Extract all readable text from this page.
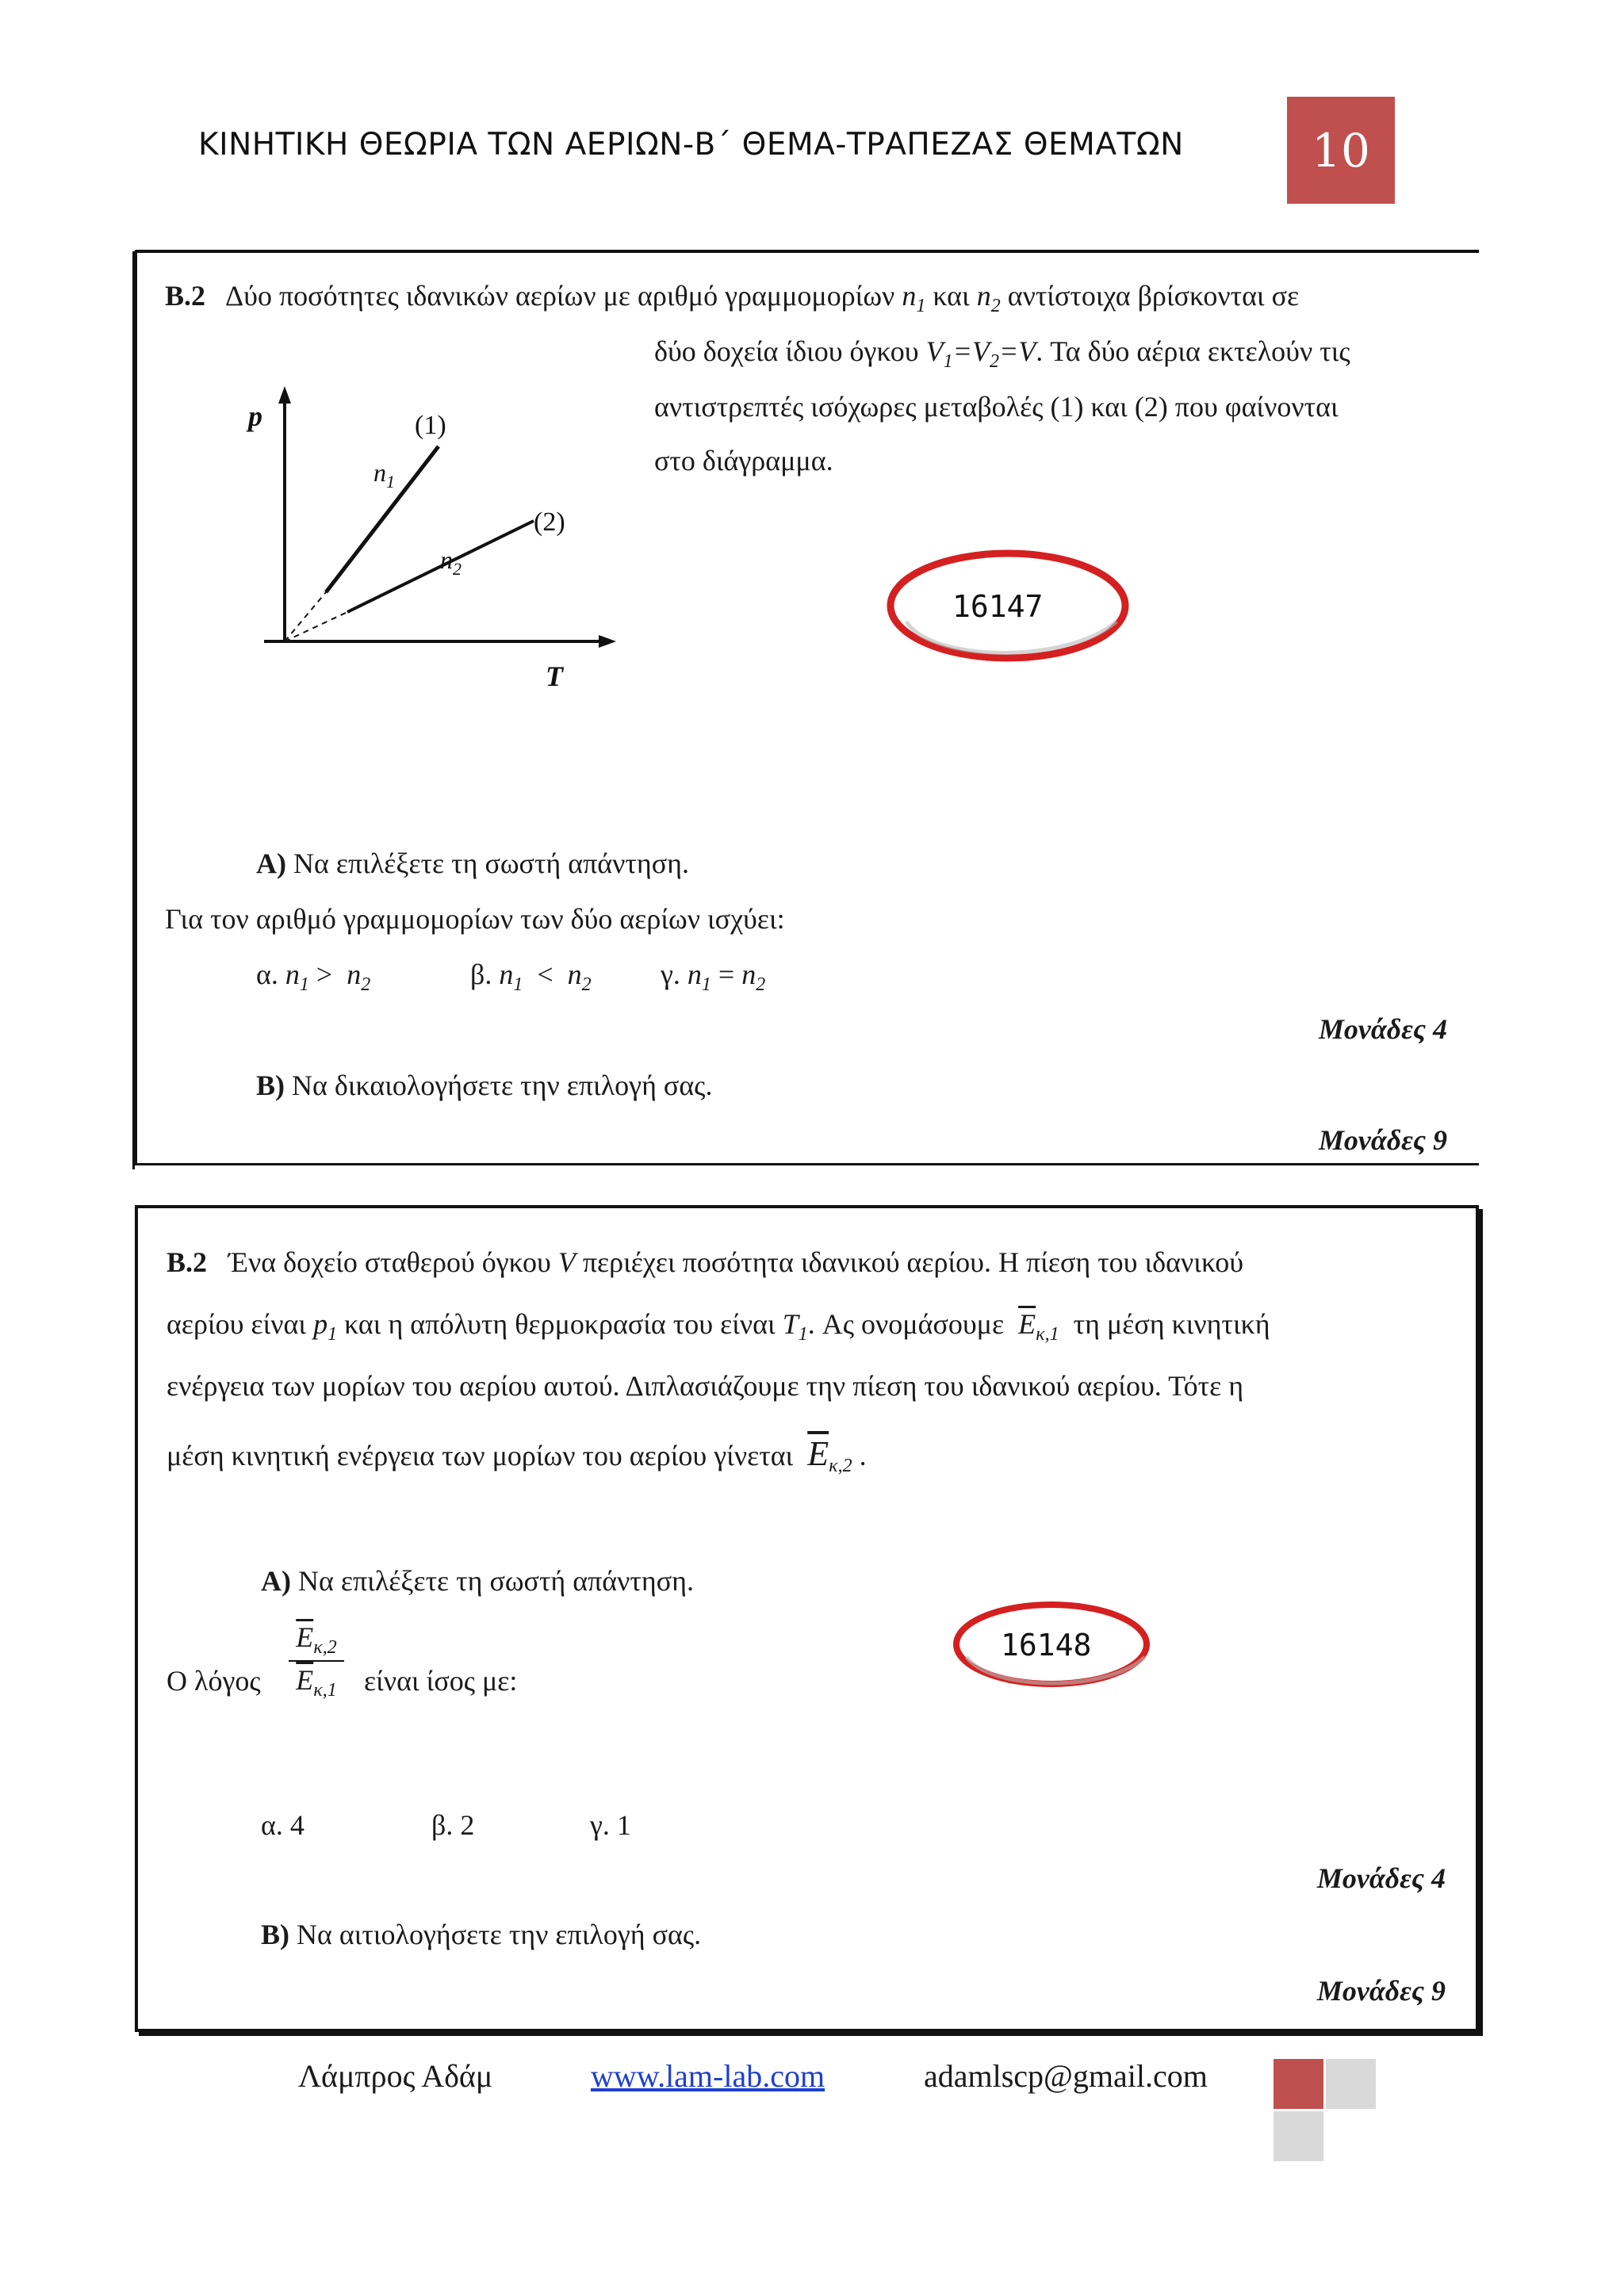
ΚΙΝΗΤΙΚΗ ΘΕΩΡΙΑ ΤΩΝ ΑΕΡΙΩΝ-Β΄ ΘΕΜΑ-ΤΡΑΠΕΖΑΣ ΘΕΜΑΤΩΝ	10
Β.2   Δύο ποσότητες ιδανικών αερίων με αριθμό γραμμομορίων $n_1$ και $n_2$ αντίστοιχα βρίσκονται σε
δύο δοχεία ίδιου όγκου $V_1=V_2=V$. Τα δύο αέρια εκτελούν τις
αντιστρεπτές ισόχωρες μεταβολές (1) και (2) που φαίνονται
στο διάγραμμα.
p
T
(1)
(2)
$n_1$
$n_2$
16147
Α) Να επιλέξετε τη σωστή απάντηση.
Για τον αριθμό γραμμομορίων των δύο αερίων ισχύει:
α. $n_1 > n_2$	β. $n_1 < n_2$ γ. $n_1 = n_2$
Μονάδες 4
Β) Να δικαιολογήσετε την επιλογή σας.
Μονάδες 9
Β.2   Ένα δοχείο σταθερού όγκου V περιέχει ποσότητα ιδανικού αερίου. Η πίεση του ιδανικού
αερίου είναι $p_1$ και η απόλυτη θερμοκρασία του είναι $T_1$. Ας ονομάσουμε  $\overline{E}_{\kappa,1}$  τη μέση κινητική
ενέργεια των μορίων του αερίου αυτού. Διπλασιάζουμε την πίεση του ιδανικού αερίου. Τότε η
μέση κινητική ενέργεια των μορίων του αερίου γίνεται  $\overline{E}_{\kappa,2}$ .
Α) Να επιλέξετε τη σωστή απάντηση.
Ο λόγος
$\overline{E}_{\kappa,2}$
$\overline{E}_{\kappa,1}$ είναι ίσος με:
16148
α. 4	β. 2	γ. 1
Μονάδες 4
Β) Να αιτιολογήσετε την επιλογή σας.
Μονάδες 9
Λάμπρος Αδάμ	www.lam-lab.com	adamlscp@gmail.com
